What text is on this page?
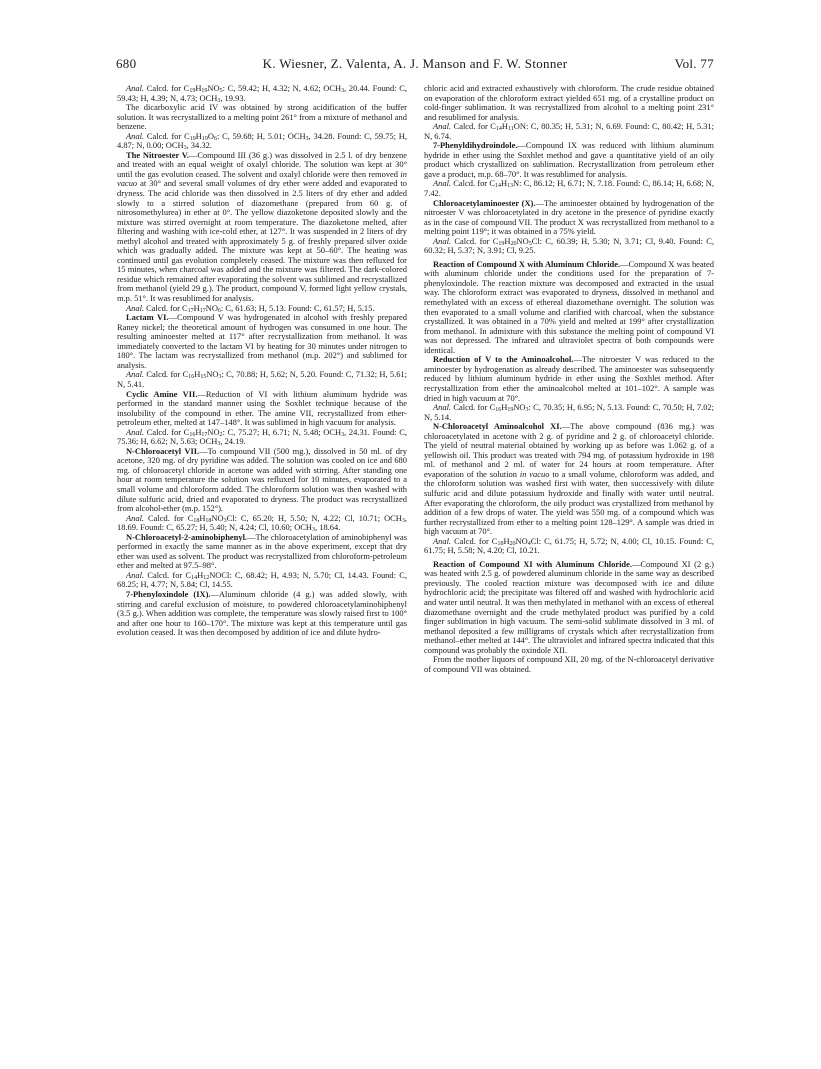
680	K. Wiesner, Z. Valenta, A. J. Manson and F. W. Stonner	Vol. 77

Anal. Calcd. for $C_{19}H_{19}NO_5$: C, 59.42; H, 4.32; N, 4.62; $OCH_3$, 20.44. Found: C, 59.43; H, 4.39; N, 4.73; $OCH_3$, 19.93.

The dicarboxylic acid IV was obtained by strong acidification of the buffer solution. It was recrystallized to a melting point 261° from a mixture of methanol and benzene.

Anal. Calcd. for $C_{19}H_{19}O_6$: C, 59.68; H, 5.01; $OCH_3$, 34.28. Found: C, 59.75; H, 4.87; N, 0.00; $OCH_3$, 34.32.

The Nitroester V.—Compound III (36 g.) was dissolved in 2.5 l. of dry benzene and treated with an equal weight of oxalyl chloride. The solution was kept at 30° until the gas evolution ceased. The solvent and oxalyl chloride were then removed in vacuo at 30° and several small volumes of dry ether were added and evaporated to dryness. The acid chloride was then dissolved in 2.5 liters of dry ether and added slowly to a stirred solution of diazomethane (prepared from 60 g. of nitrosomethylurea) in ether at 0°. The yellow diazoketone deposited slowly and the mixture was stirred overnight at room temperature. The diazoketone melted, after filtering and washing with ice-cold ether, at 127°. It was suspended in 2 liters of dry methyl alcohol and treated with approximately 5 g. of freshly prepared silver oxide which was gradually added. The mixture was kept at 50–60°. The heating was continued until gas evolution completely ceased. The mixture was then refluxed for 15 minutes, when charcoal was added and the mixture was filtered. The dark-colored residue which remained after evaporating the solvent was sublimed and recrystallized from methanol (yield 29 g.). The product, compound V, formed light yellow crystals, m.p. 51°. It was resublimed for analysis.

Anal. Calcd. for $C_{17}H_{17}NO_6$: C, 61.63; H, 5.13. Found: C, 61.57; H, 5.15.

Lactam VI.—Compound V was hydrogenated in alcohol with freshly prepared Raney nickel; the theoretical amount of hydrogen was consumed in one hour. The resulting aminoester melted at 117° after recrystallization from methanol. It was immediately converted to the lactam VI by heating for 30 minutes under nitrogen to 180°. The lactam was recrystallized from methanol (m.p. 202°) and sublimed for analysis.

Anal. Calcd. for $C_{16}H_{15}NO_3$: C, 70.88; H, 5.62; N, 5.20. Found: C, 71.32; H, 5.61; N, 5.41.

Cyclic Amine VII.—Reduction of VI with lithium aluminum hydride was performed in the standard manner using the Soxhlet technique because of the insolubility of the compound in ether. The amine VII, recrystallized from ether-petroleum ether, melted at 147–148°. It was sublimed in high vacuum for analysis.

Anal. Calcd. for $C_{16}H_{17}NO_2$: C, 75.27; H, 6.71; N, 5.48; $OCH_3$, 24.31. Found: C, 75.36; H, 6.62; N, 5.63; $OCH_3$, 24.19.

N-Chloroacetyl VII.—To compound VII (500 mg.), dissolved in 50 ml. of dry acetone, 320 mg. of dry pyridine was added. The solution was cooled on ice and 680 mg. of chloroacetyl chloride in acetone was added with stirring. After standing one hour at room temperature the solution was refluxed for 10 minutes, evaporated to a small volume and chloroform added. The chloroform solution was then washed with dilute sulfuric acid, dried and evaporated to dryness. The product was recrystallized from alcohol-ether (m.p. 152°).

Anal. Calcd. for $C_{18}H_{18}NO_3Cl$: C, 65.20; H, 5.50; N, 4.22; Cl, 10.71; $OCH_3$, 18.69. Found: C, 65.27; H, 5.40; N, 4.24; Cl, 10.60; $OCH_3$, 18.64.

N-Chloroacetyl-2-aminobiphenyl.—The chloroacetylation of aminobiphenyl was performed in exactly the same manner as in the above experiment, except that dry ether was used as solvent. The product was recrystallized from chloroform-petroleum ether and melted at 97.5–98°.

Anal. Calcd. for $C_{14}H_{12}NOCl$: C, 68.42; H, 4.93; N, 5.70; Cl, 14.43. Found: C, 68.25; H, 4.77; N, 5.84; Cl, 14.55.

7-Phenyloxindole (IX).—Aluminum chloride (4 g.) was added slowly, with stirring and careful exclusion of moisture, to powdered chloroacetylaminobiphenyl (3.5 g.). When addition was complete, the temperature was slowly raised first to 100° and after one hour to 160–170°. The mixture was kept at this temperature until gas evolution ceased. It was then decomposed by addition of ice and dilute hydro-

chloric acid and extracted exhaustively with chloroform. The crude residue obtained on evaporation of the chloroform extract yielded 651 mg. of a crystalline product on cold-finger sublimation. It was recrystallized from alcohol to a melting point 231° and resublimed for analysis.

Anal. Calcd. for $C_{14}H_{11}ON$: C, 80.35; H, 5.31; N, 6.69. Found: C, 80.42; H, 5.31; N, 6.74.

7-Phenyldihydroindole.—Compound IX was reduced with lithium aluminum hydride in ether using the Soxhlet method and gave a quantitative yield of an oily product which crystallized on sublimation. Recrystallization from petroleum ether gave a product, m.p. 68–70°. It was resublimed for analysis.

Anal. Calcd. for $C_{14}H_{13}N$: C, 86.12; H, 6.71; N, 7.18. Found: C, 86.14; H, 6.68; N, 7.42.

Chloroacetylaminoester (X).—The aminoester obtained by hydrogenation of the nitroester V was chloroacetylated in dry acetone in the presence of pyridine exactly as in the case of compound VII. The product X was recrystallized from methanol to a melting point 119°; it was obtained in a 75% yield.

Anal. Calcd. for $C_{19}H_{20}NO_5Cl$: C, 60.39; H, 5.30; N, 3.71; Cl, 9.40. Found: C, 60.32; H, 5.37; N, 3.91; Cl, 9.25.

Reaction of Compound X with Aluminum Chloride.—Compound X was heated with aluminum chloride under the conditions used for the preparation of 7-phenyloxindole. The reaction mixture was decomposed and extracted in the usual way. The chloroform extract was evaporated to dryness, dissolved in methanol and remethylated with an excess of ethereal diazomethane overnight. The solution was then evaporated to a small volume and clarified with charcoal, when the substance crystallized. It was obtained in a 70% yield and melted at 199° after crystallization from methanol. In admixture with this substance the melting point of compound VI was not depressed. The infrared and ultraviolet spectra of both compounds were identical.

Reduction of V to the Aminoalcohol.—The nitroester V was reduced to the aminoester by hydrogenation as already described. The aminoester was subsequently reduced by lithium aluminum hydride in ether using the Soxhlet method. After recrystallization from ether the aminoalcohol melted at 101–102°. A sample was dried in high vacuum at 70°.

Anal. Calcd. for $C_{16}H_{19}NO_3$: C, 70.35; H, 6.95; N, 5.13. Found: C, 70.50; H, 7.02; N, 5.14.

N-Chloroacetyl Aminoalcohol XI.—The above compound (836 mg.) was chloroacetylated in acetone with 2 g. of pyridine and 2 g. of chloroacetyl chloride. The yield of neutral material obtained by working up as before was 1.062 g. of a yellowish oil. This product was treated with 794 mg. of potassium hydroxide in 198 ml. of methanol and 2 ml. of water for 24 hours at room temperature. After evaporation of the solution in vacuo to a small volume, chloroform was added, and the chloroform solution was washed first with water, then successively with dilute sulfuric acid and dilute potassium hydroxide and finally with water until neutral. After evaporating the chloroform, the oily product was crystallized from methanol by addition of a few drops of water. The yield was 550 mg. of a compound which was further recrystallized from ether to a melting point 128–129°. A sample was dried in high vacuum at 70°.

Anal. Calcd. for $C_{18}H_{20}NO_4Cl$: C, 61.75; H, 5.72; N, 4.00; Cl, 10.15. Found: C, 61.75; H, 5.58; N, 4.20; Cl, 10.21.

Reaction of Compound XI with Aluminum Chloride.—Compound XI (2 g.) was heated with 2.5 g. of powdered aluminum chloride in the same way as described previously. The cooled reaction mixture was decomposed with ice and dilute hydrochloric acid; the precipitate was filtered off and washed with hydrochloric acid and water until neutral. It was then methylated in methanol with an excess of ethereal diazomethane overnight and the crude methylated product was purified by a cold finger sublimation in high vacuum. The semi-solid sublimate dissolved in 3 ml. of methanol deposited a few milligrams of crystals which after recrystallization from methanol–ether melted at 144°. The ultraviolet and infrared spectra indicated that this compound was probably the oxindole XII.

From the mother liquors of compound XII, 20 mg. of the N-chloroacetyl derivative of compound VII was obtained.
